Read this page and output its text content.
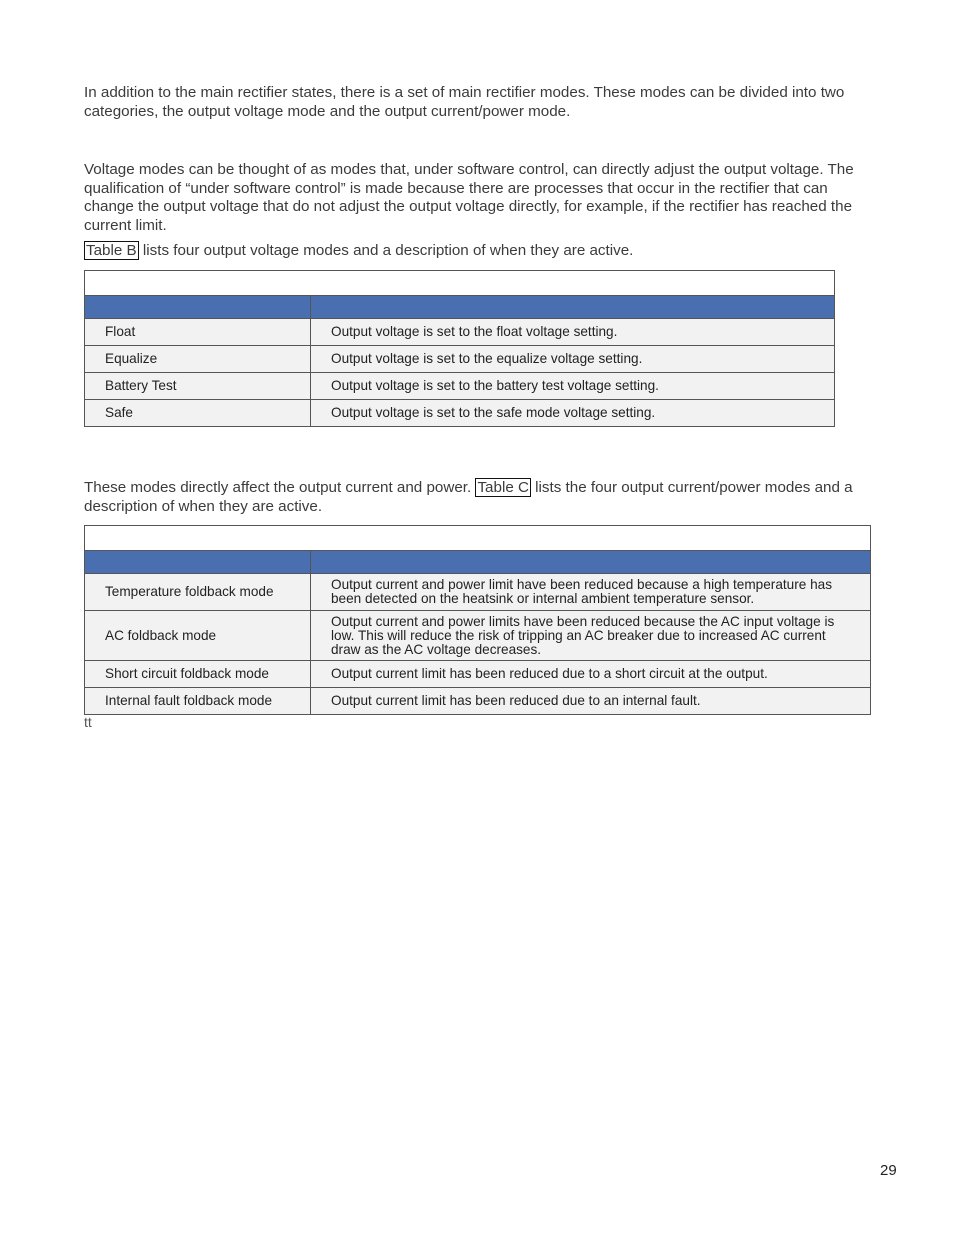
In addition to the main rectifier states, there is a set of main rectifier modes. These modes can be divided into two categories, the output voltage mode and the output current/power mode.

Voltage modes can be thought of as modes that, under software control, can directly adjust the output voltage. The qualification of “under software control” is made because there are processes that occur in the rectifier that can change the output voltage that do not adjust the output voltage directly, for example, if the rectifier has reached the current limit.

Table B lists four output voltage modes and a description of when they are active.

Float	Output voltage is set to the float voltage setting.
Equalize	Output voltage is set to the equalize voltage setting.
Battery Test	Output voltage is set to the battery test voltage setting.
Safe	Output voltage is set to the safe mode voltage setting.

These modes directly affect the output current and power. Table C lists the four output current/power modes and a description of when they are active.

Temperature foldback mode	Output current and power limit have been reduced because a high temperature has been detected on the heatsink or internal ambient temperature sensor.
AC foldback mode	Output current and power limits have been reduced because the AC input voltage is low. This will reduce the risk of tripping an AC breaker due to increased AC current draw as the AC voltage decreases.
Short circuit foldback mode	Output current limit has been reduced due to a short circuit at the output.
Internal fault foldback mode	Output current limit has been reduced due to an internal fault.
tt
29
